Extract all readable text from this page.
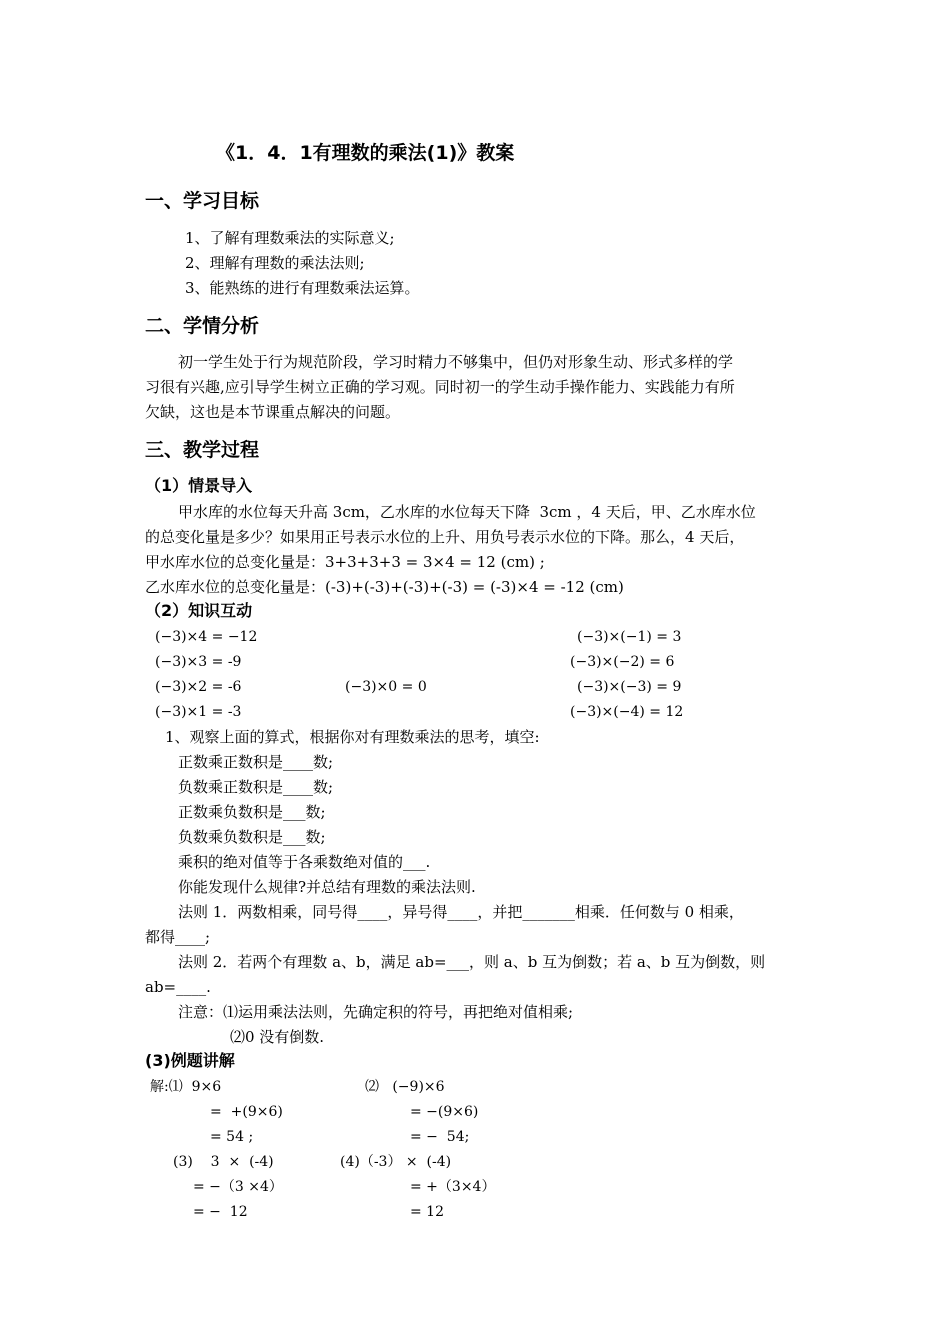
《1．4．1有理数的乘法(1)》教案
一、学习目标
1、了解有理数乘法的实际意义;
2、理解有理数的乘法法则;
3、能熟练的进行有理数乘法运算。
二、学情分析
初一学生处于行为规范阶段，学习时精力不够集中，但仍对形象生动、形式多样的学
习很有兴趣,应引导学生树立正确的学习观。同时初一的学生动手操作能力、实践能力有所
欠缺，这也是本节课重点解决的问题。
三、教学过程
（1）情景导入
甲水库的水位每天升高 3cm，乙水库的水位每天下降  3cm ，4 天后，甲、乙水库水位
的总变化量是多少？如果用正号表示水位的上升、用负号表示水位的下降。那么，4 天后，
甲水库水位的总变化量是：3+3+3+3 = 3×4 = 12 (cm) ;
乙水库水位的总变化量是：(-3)+(-3)+(-3)+(-3) = (-3)×4 = -12 (cm)
（2）知识互动
(−3)×4 = −12
(−3)×3 = -9
(−3)×2 = -6
(−3)×1 = -3
(−3)×0 = 0
(−3)×(−1) = 3
(−3)×(−2) = 6
(−3)×(−3) = 9
(−3)×(−4) = 12
1、观察上面的算式，根据你对有理数乘法的思考，填空:
正数乘正数积是____数;
负数乘正数积是____数;
正数乘负数积是___数;
负数乘负数积是___数;
乘积的绝对值等于各乘数绝对值的___.
你能发现什么规律?并总结有理数的乘法法则.
法则 1．两数相乘，同号得____，异号得____，并把_______相乘．任何数与 0 相乘，
都得____;
法则 2．若两个有理数 a、b，满足 ab=___，则 a、b 互为倒数；若 a、b 互为倒数，则
ab=____.
注意：⑴运用乘法法则，先确定积的符号，再把绝对值相乘;
⑵0 没有倒数.
(3)例题讲解
解:⑴  9×6
=  +(9×6)
= 54 ;
⑵   (−9)×6
= −(9×6)
= −  54;
(3)    3  ×  (-4)
= −（3 ×4）
= −  12
(4)（-3） ×  (-4)
= +（3×4）
= 12
